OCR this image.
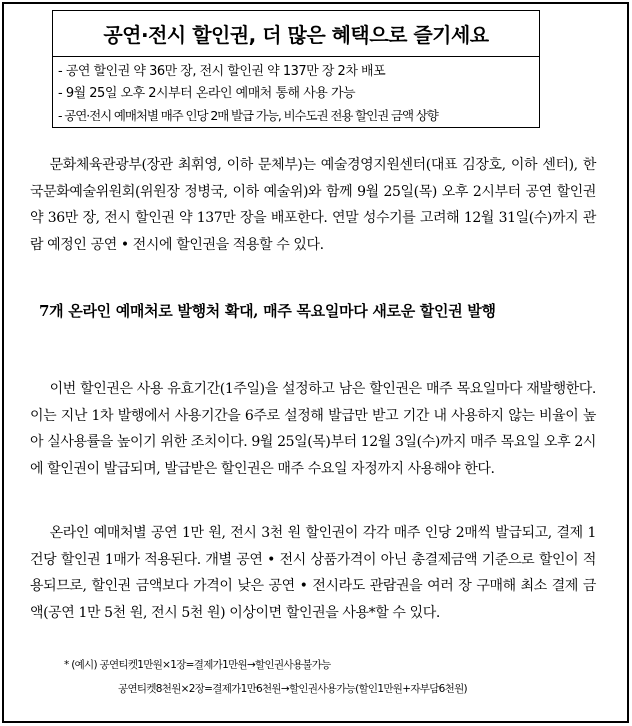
공연·전시 할인권, 더 많은 혜택으로 즐기세요
- 공연 할인권 약 36만 장, 전시 할인권 약 137만 장 2차 배포
- 9월 25일 오후 2시부터 온라인 예매처 통해 사용 가능
- 공연·전시 예매처별 매주 인당 2매 발급 가능, 비수도권 전용 할인권 금액 상향

문화체육관광부(장관 최휘영, 이하 문체부)는 예술경영지원센터(대표 김장호, 이하 센터), 한국문화예술위원회(위원장 정병국, 이하 예술위)와 함께 9월 25일(목) 오후 2시부터 공연 할인권 약 36만 장, 전시 할인권 약 137만 장을 배포한다. 연말 성수기를 고려해 12월 31일(수)까지 관람 예정인 공연 • 전시에 할인권을 적용할 수 있다.

7개 온라인 예매처로 발행처 확대, 매주 목요일마다 새로운 할인권 발행

이번 할인권은 사용 유효기간(1주일)을 설정하고 남은 할인권은 매주 목요일마다 재발행한다. 이는 지난 1차 발행에서 사용기간을 6주로 설정해 발급만 받고 기간 내 사용하지 않는 비율이 높아 실사용률을 높이기 위한 조치이다. 9월 25일(목)부터 12월 3일(수)까지 매주 목요일 오후 2시에 할인권이 발급되며, 발급받은 할인권은 매주 수요일 자정까지 사용해야 한다.

온라인 예매처별 공연 1만 원, 전시 3천 원 할인권이 각각 매주 인당 2매씩 발급되고, 결제 1건당 할인권 1매가 적용된다. 개별 공연 • 전시 상품가격이 아닌 총결제금액 기준으로 할인이 적용되므로, 할인권 금액보다 가격이 낮은 공연 • 전시라도 관람권을 여러 장 구매해 최소 결제 금액(공연 1만 5천 원, 전시 5천 원) 이상이면 할인권을 사용*할 수 있다.

* (예시) 공연티켓1만원×1장=결제가1만원→할인권사용불가능
공연티켓8천원×2장=결제가1만6천원→할인권사용가능(할인1만원+자부담6천원)
